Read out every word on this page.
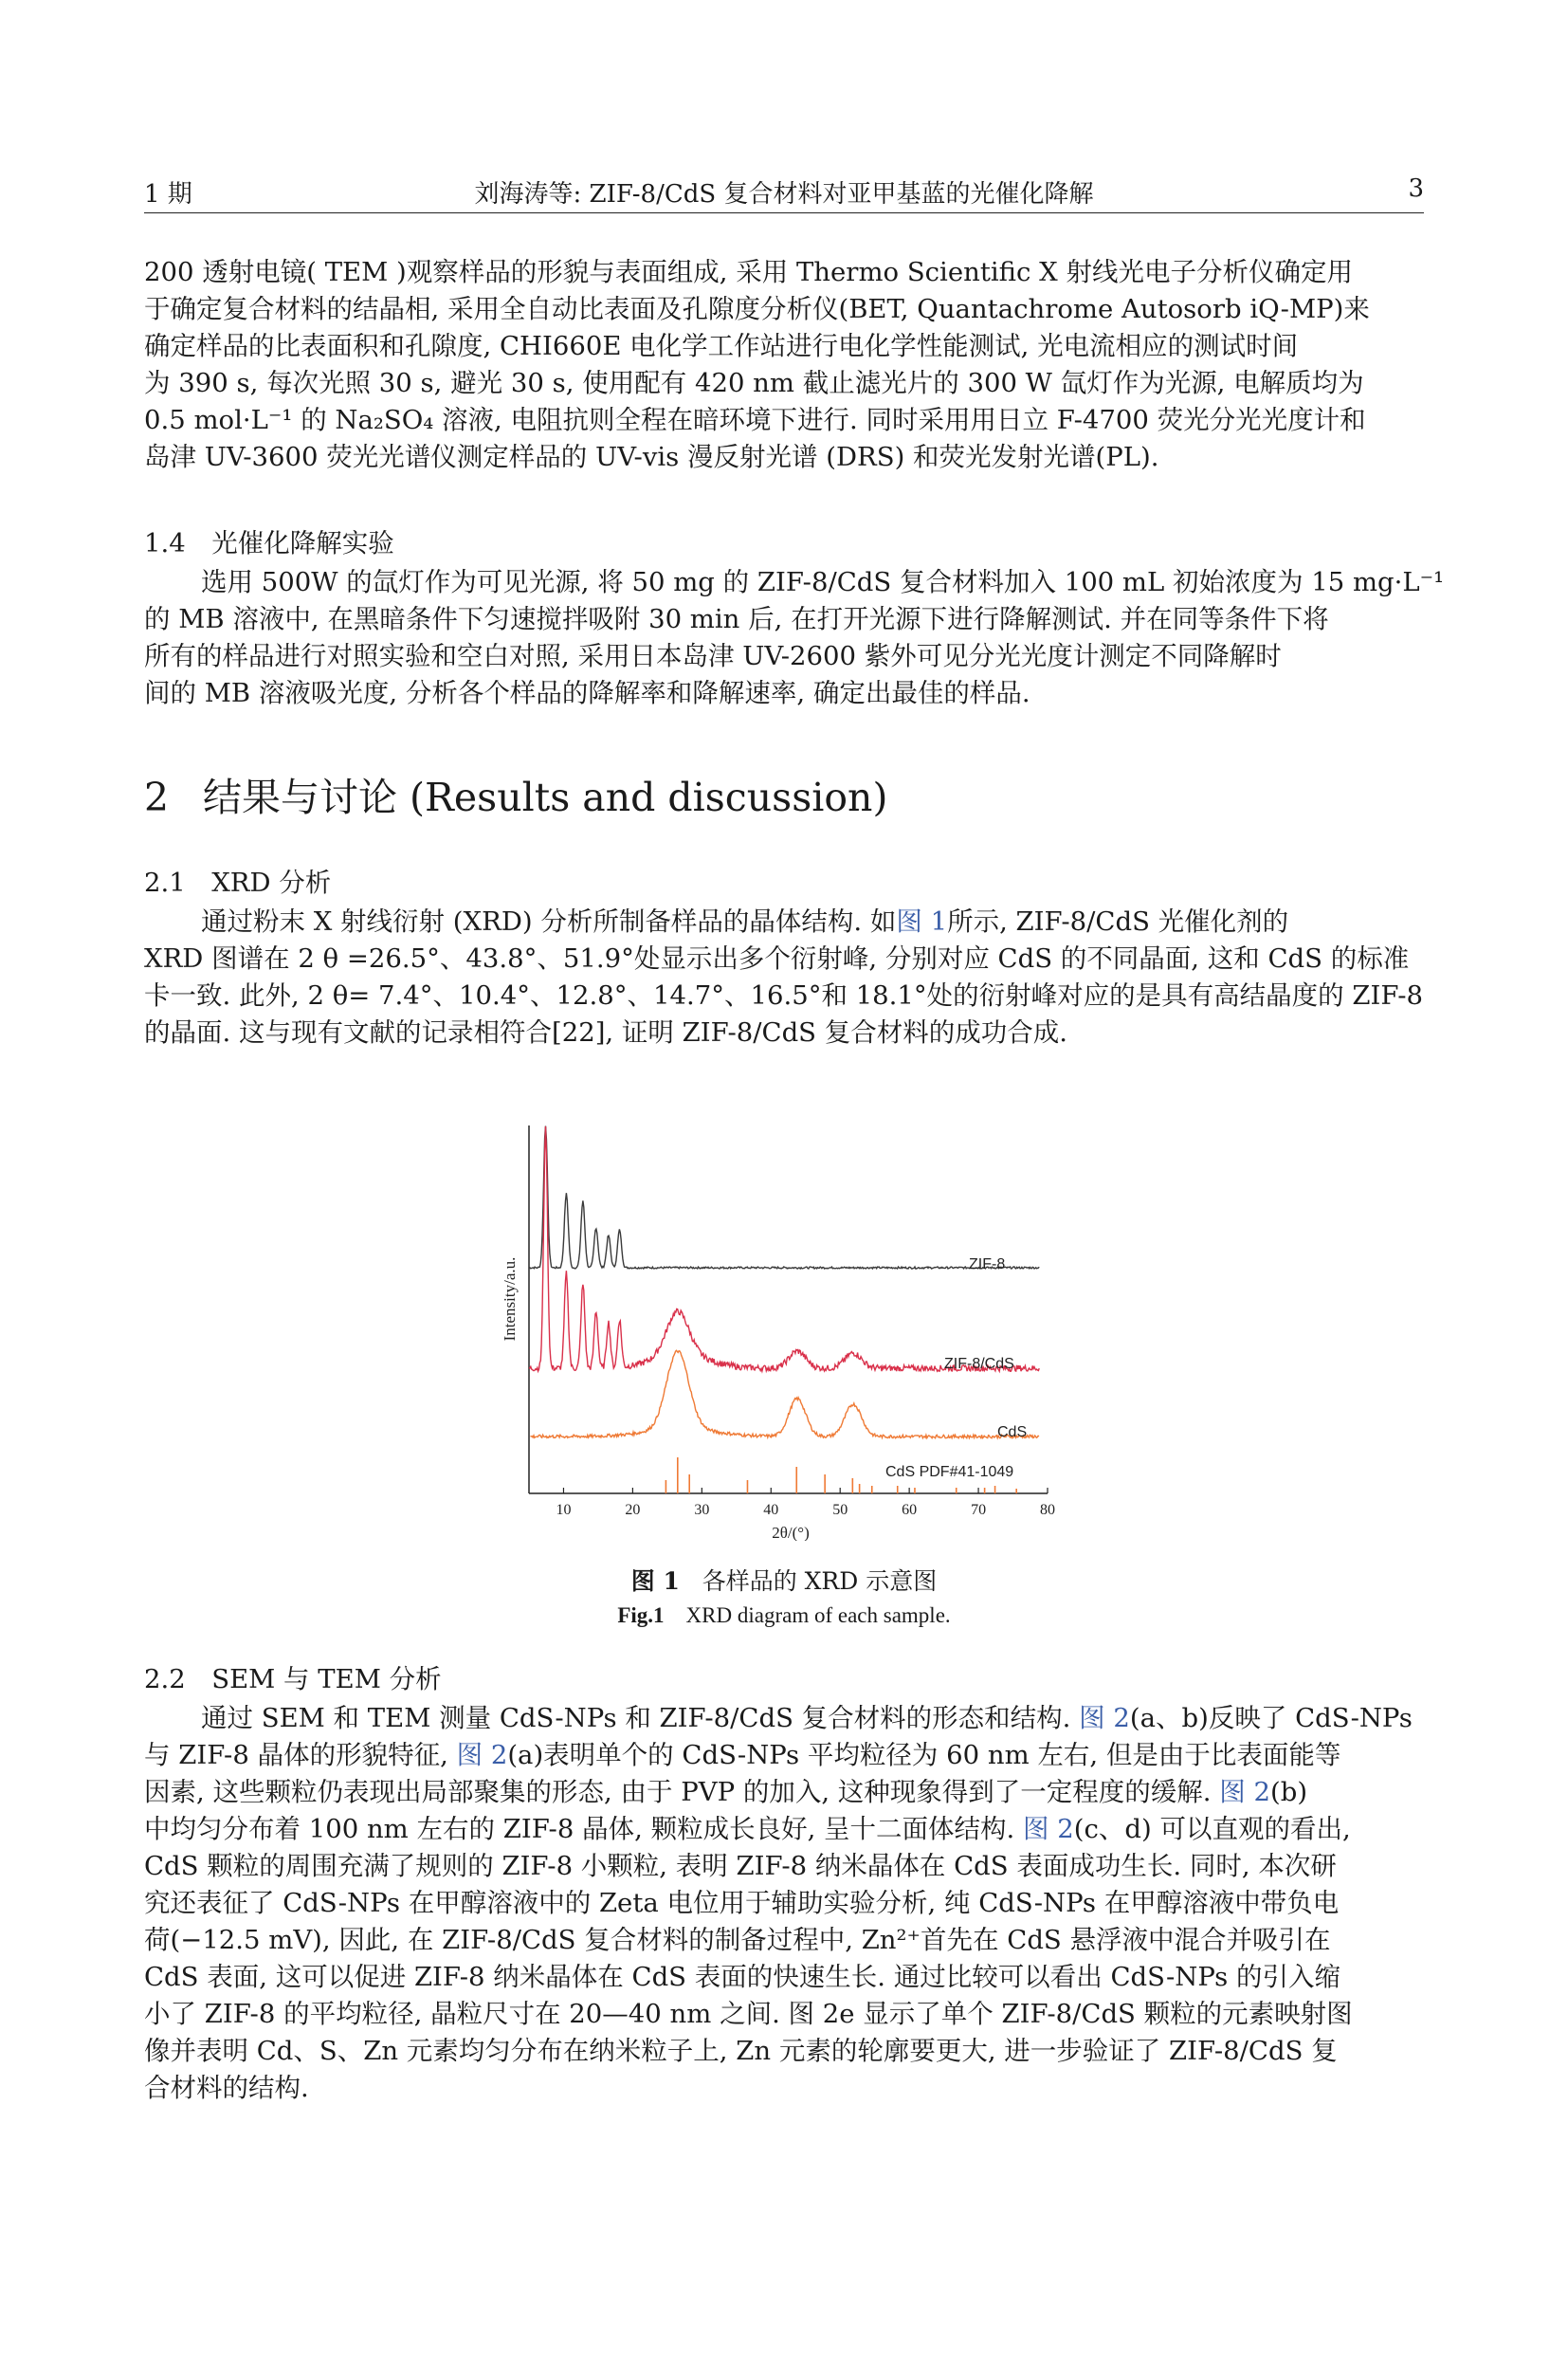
1 期	刘海涛等: ZIF-8/CdS 复合材料对亚甲基蓝的光催化降解	3
200 透射电镜( TEM )观察样品的形貌与表面组成, 采用 Thermo Scientific X 射线光电子分析仪确定用
于确定复合材料的结晶相, 采用全自动比表面及孔隙度分析仪(BET, Quantachrome Autosorb iQ-MP)来
确定样品的比表面积和孔隙度, CHI660E 电化学工作站进行电化学性能测试, 光电流相应的测试时间
为 390 s, 每次光照 30 s, 避光 30 s, 使用配有 420 nm 截止滤光片的 300 W 氙灯作为光源, 电解质均为
0.5 mol·L⁻¹ 的 Na₂SO₄ 溶液, 电阻抗则全程在暗环境下进行. 同时采用用日立 F-4700 荧光分光光度计和
岛津 UV-3600 荧光光谱仪测定样品的 UV-vis 漫反射光谱 (DRS) 和荧光发射光谱(PL).
1.4　光催化降解实验
选用 500W 的氙灯作为可见光源, 将 50 mg 的 ZIF-8/CdS 复合材料加入 100 mL 初始浓度为 15 mg·L⁻¹
的 MB 溶液中, 在黑暗条件下匀速搅拌吸附 30 min 后, 在打开光源下进行降解测试. 并在同等条件下将
所有的样品进行对照实验和空白对照, 采用日本岛津 UV-2600 紫外可见分光光度计测定不同降解时
间的 MB 溶液吸光度, 分析各个样品的降解率和降解速率, 确定出最佳的样品.
2 结果与讨论 (Results and discussion)
2.1　XRD 分析
通过粉末 X 射线衍射 (XRD) 分析所制备样品的晶体结构. 如图 1所示, ZIF-8/CdS 光催化剂的
XRD 图谱在 2 θ =26.5°、43.8°、51.9°处显示出多个衍射峰, 分别对应 CdS 的不同晶面, 这和 CdS 的标准
卡一致. 此外, 2 θ= 7.4°、10.4°、12.8°、14.7°、16.5°和 18.1°处的衍射峰对应的是具有高结晶度的 ZIF-8
的晶面. 这与现有文献的记录相符合[22], 证明 ZIF-8/CdS 复合材料的成功合成.
10	20	30	40	50	60	70	80
Intensity/a.u.
2θ/(°)
ZIF-8
ZIF-8/CdS
CdS
CdS PDF#41-1049
图 1 各样品的 XRD 示意图
Fig.1 XRD diagram of each sample.
2.2　SEM 与 TEM 分析
通过 SEM 和 TEM 测量 CdS-NPs 和 ZIF-8/CdS 复合材料的形态和结构. 图 2(a、b)反映了 CdS-NPs
与 ZIF-8 晶体的形貌特征, 图 2(a)表明单个的 CdS-NPs 平均粒径为 60 nm 左右, 但是由于比表面能等
因素, 这些颗粒仍表现出局部聚集的形态, 由于 PVP 的加入, 这种现象得到了一定程度的缓解. 图 2(b)
中均匀分布着 100 nm 左右的 ZIF-8 晶体, 颗粒成长良好, 呈十二面体结构. 图 2(c、d) 可以直观的看出,
CdS 颗粒的周围充满了规则的 ZIF-8 小颗粒, 表明 ZIF-8 纳米晶体在 CdS 表面成功生长. 同时, 本次研
究还表征了 CdS-NPs 在甲醇溶液中的 Zeta 电位用于辅助实验分析, 纯 CdS-NPs 在甲醇溶液中带负电
荷(−12.5 mV), 因此, 在 ZIF-8/CdS 复合材料的制备过程中, Zn²⁺首先在 CdS 悬浮液中混合并吸引在
CdS 表面, 这可以促进 ZIF-8 纳米晶体在 CdS 表面的快速生长. 通过比较可以看出 CdS-NPs 的引入缩
小了 ZIF-8 的平均粒径, 晶粒尺寸在 20—40 nm 之间. 图 2e 显示了单个 ZIF-8/CdS 颗粒的元素映射图
像并表明 Cd、S、Zn 元素均匀分布在纳米粒子上, Zn 元素的轮廓要更大, 进一步验证了 ZIF-8/CdS 复
合材料的结构.
